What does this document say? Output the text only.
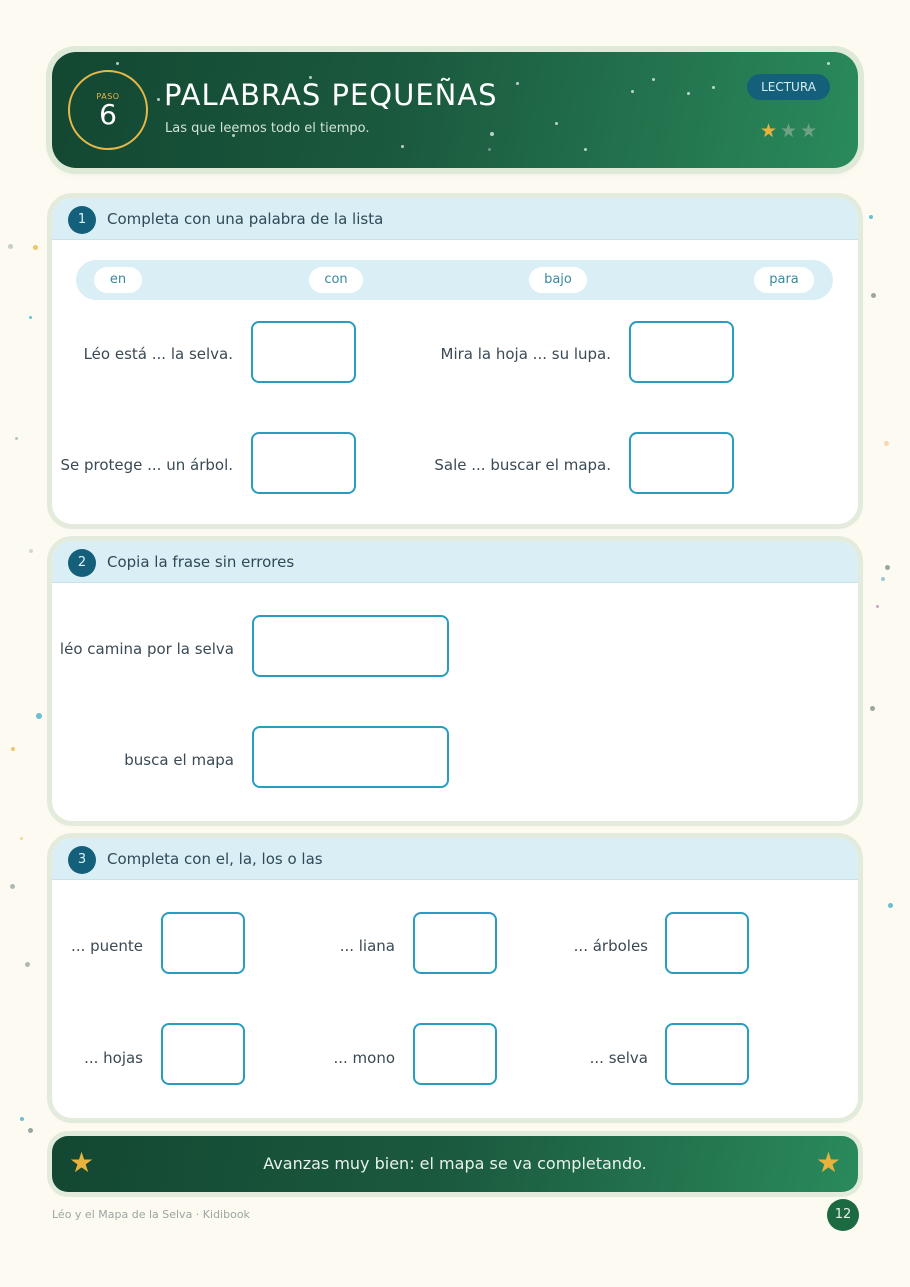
PASO
6
PALABRAS PEQUEÑAS
Las que leemos todo el tiempo.
LECTURA
★★★
1	Completa con una palabra de la lista
en	con	bajo	para
Léo está ... la selva.	Mira la hoja ... su lupa.
Se protege ... un árbol.	Sale ... buscar el mapa.
2	Copia la frase sin errores
léo camina por la selva
busca el mapa
3	Completa con el, la, los o las
... puente	... liana	... árboles
... hojas	... mono	... selva
★	Avanzas muy bien: el mapa se va completando.	★
Léo y el Mapa de la Selva · Kidibook	12
